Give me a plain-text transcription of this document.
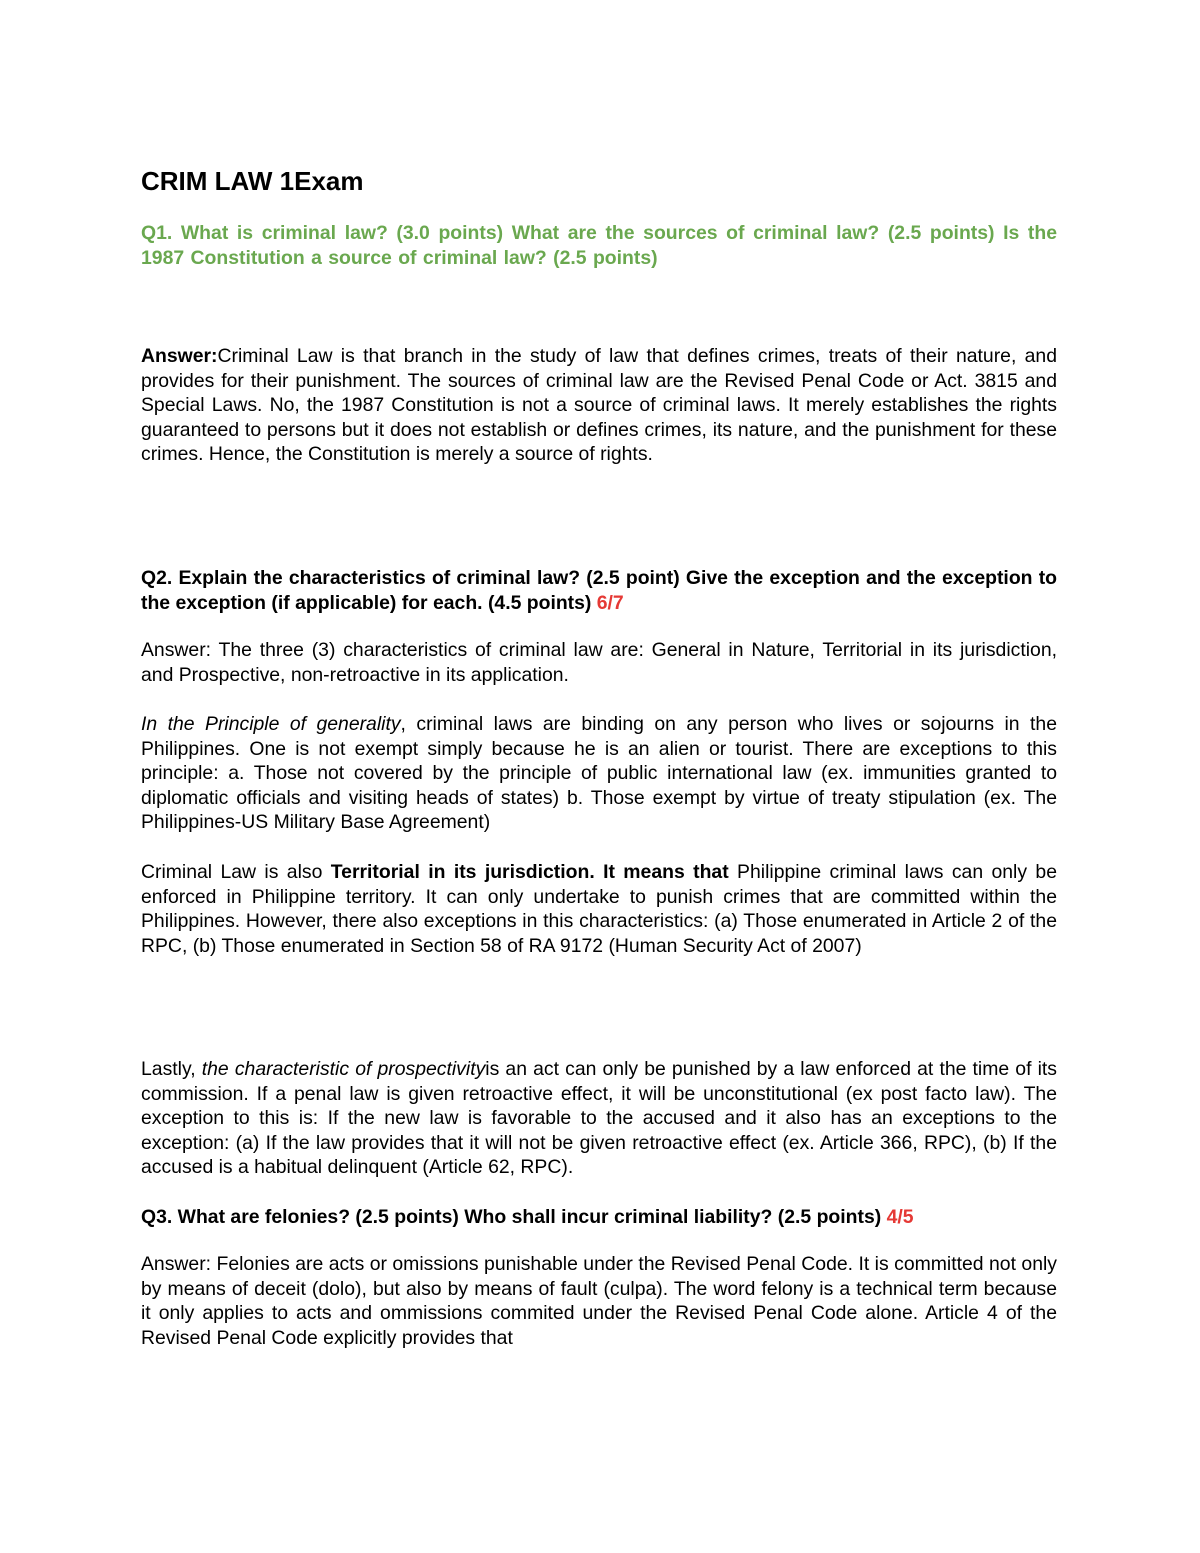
CRIM LAW 1Exam

Q1. What is criminal law? (3.0 points) What are the sources of criminal law? (2.5 points) Is the 1987 Constitution a source of criminal law? (2.5 points)

Answer:Criminal Law is that branch in the study of law that defines crimes, treats of their nature, and provides for their punishment. The sources of criminal law are the Revised Penal Code or Act. 3815 and Special Laws. No, the 1987 Constitution is not a source of criminal laws. It merely establishes the rights guaranteed to persons but it does not establish or defines crimes, its nature, and the punishment for these crimes. Hence, the Constitution is merely a source of rights.

Q2. Explain the characteristics of criminal law? (2.5 point) Give the exception and the exception to the exception (if applicable) for each. (4.5 points) 6/7

Answer: The three (3) characteristics of criminal law are: General in Nature, Territorial in its jurisdiction, and Prospective, non-retroactive in its application.

In the Principle of generality, criminal laws are binding on any person who lives or sojourns in the Philippines. One is not exempt simply because he is an alien or tourist. There are exceptions to this principle: a. Those not covered by the principle of public international law (ex. immunities granted to diplomatic officials and visiting heads of states) b. Those exempt by virtue of treaty stipulation (ex. The Philippines-US Military Base Agreement)

Criminal Law is also Territorial in its jurisdiction. It means that Philippine criminal laws can only be enforced in Philippine territory. It can only undertake to punish crimes that are committed within the Philippines. However, there also exceptions in this characteristics: (a) Those enumerated in Article 2 of the RPC, (b) Those enumerated in Section 58 of RA 9172 (Human Security Act of 2007)

Lastly, the characteristic of prospectivityis an act can only be punished by a law enforced at the time of its commission. If a penal law is given retroactive effect, it will be unconstitutional (ex post facto law). The exception to this is: If the new law is favorable to the accused and it also has an exceptions to the exception: (a) If the law provides that it will not be given retroactive effect (ex. Article 366, RPC), (b) If the accused is a habitual delinquent (Article 62, RPC).

Q3. What are felonies? (2.5 points) Who shall incur criminal liability? (2.5 points) 4/5

Answer: Felonies are acts or omissions punishable under the Revised Penal Code. It is committed not only by means of deceit (dolo), but also by means of fault (culpa). The word felony is a technical term because it only applies to acts and ommissions commited under the Revised Penal Code alone. Article 4 of the Revised Penal Code explicitly provides that
